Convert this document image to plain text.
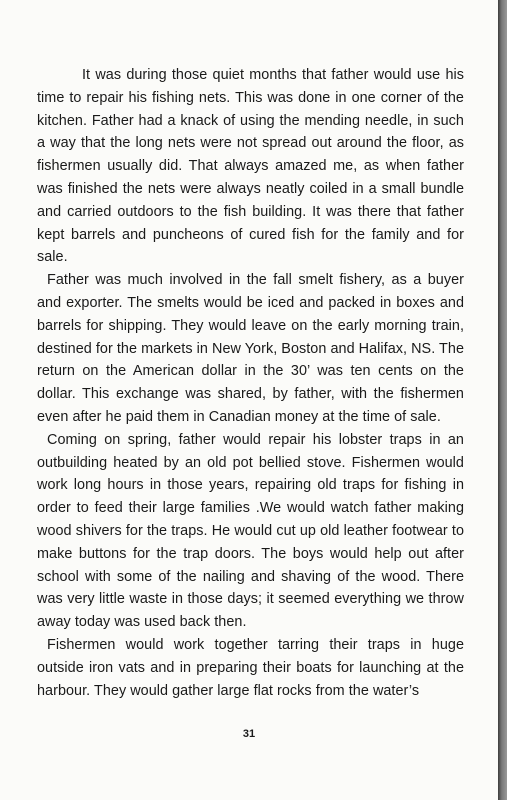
It was during those quiet months that father would use his time to repair his fishing nets. This was done in one corner of the kitchen. Father had a knack of using the mending needle, in such a way that the long nets were not spread out around the floor, as fishermen usually did. That always amazed me, as when father was finished the nets were always neatly coiled in a small bundle and carried outdoors to the fish building. It was there that father kept barrels and puncheons of cured fish for the family and for sale.

Father was much involved in the fall smelt fishery, as a buyer and exporter. The smelts would be iced and packed in boxes and barrels for shipping. They would leave on the early morning train, destined for the markets in New York, Boston and Halifax, NS. The return on the American dollar in the 30’ was ten cents on the dollar. This exchange was shared, by father, with the fishermen even after he paid them in Canadian money at the time of sale.

Coming on spring, father would repair his lobster traps in an outbuilding heated by an old pot bellied stove. Fishermen would work long hours in those years, repairing old traps for fishing in order to feed their large families .We would watch father making wood shivers for the traps. He would cut up old leather footwear to make buttons for the trap doors. The boys would help out after school with some of the nailing and shaving of the wood. There was very little waste in those days; it seemed everything we throw away today was used back then.

Fishermen would work together tarring their traps in huge outside iron vats and in preparing their boats for launching at the harbour. They would gather large flat rocks from the water’s

31
